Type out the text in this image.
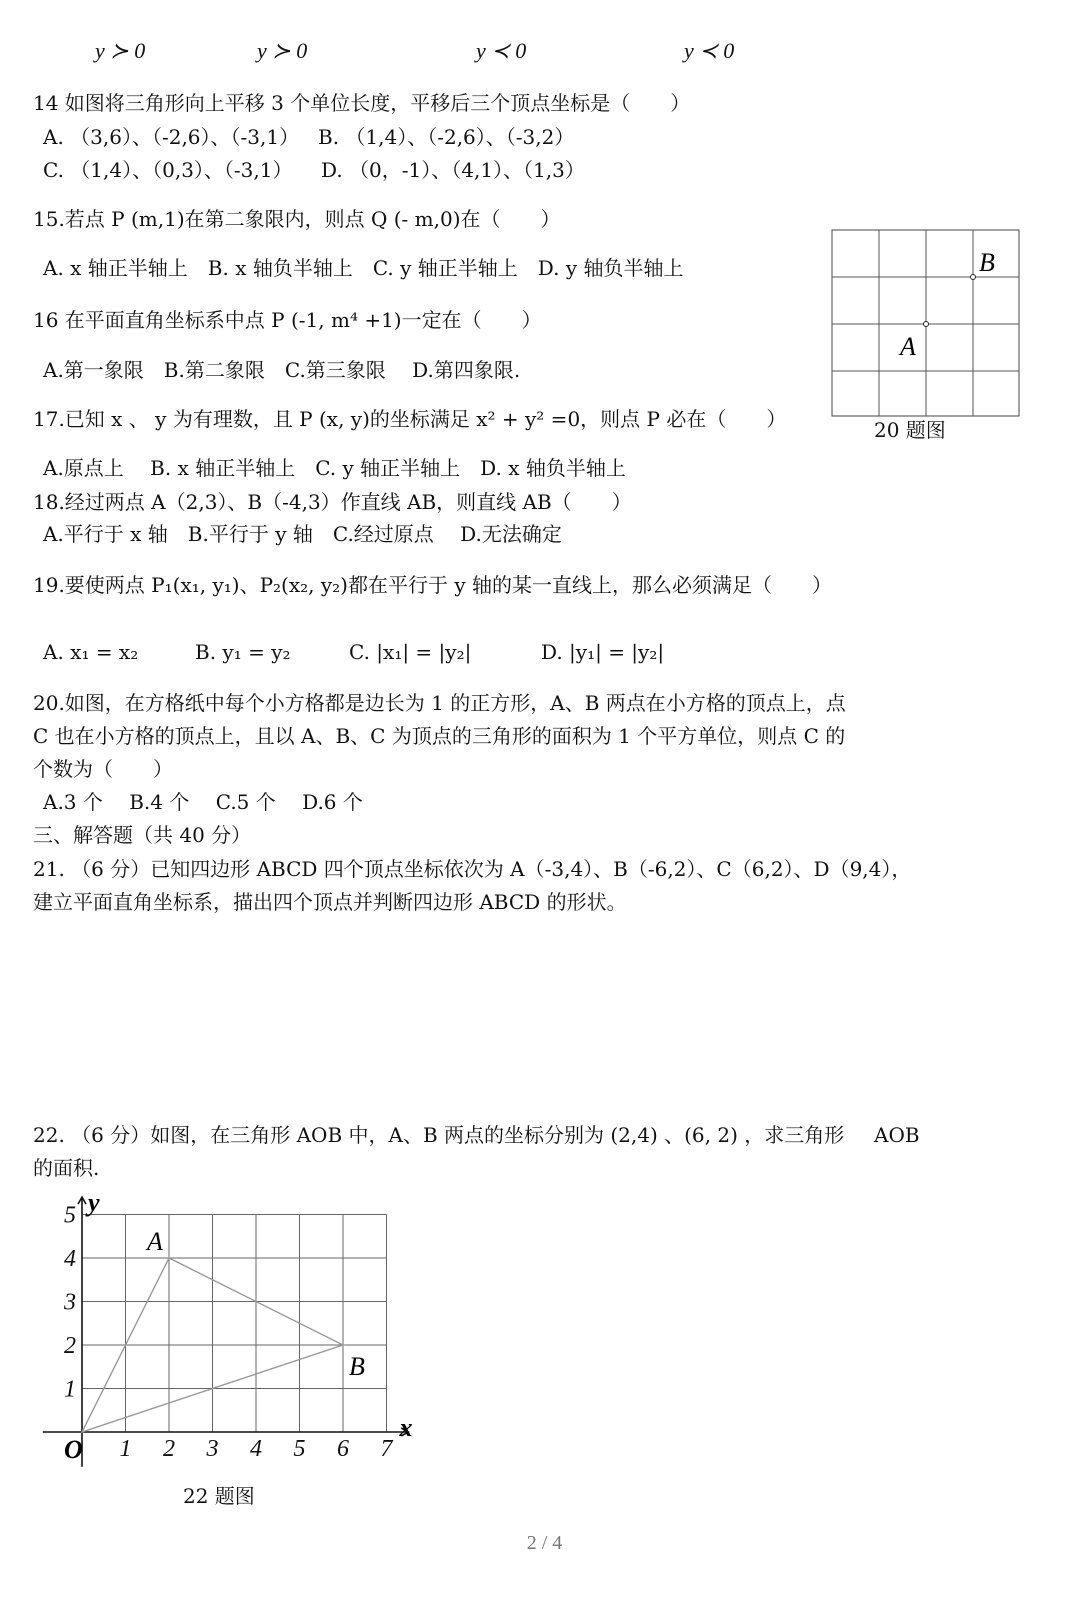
y ≻ 0	y ≻ 0	y ≺ 0	y ≺ 0
14 如图将三角形向上平移 3 个单位长度，平移后三个顶点坐标是（　　）
A. （3,6）、（-2,6）、（-3,1） B. （1,4）、（-2,6）、（-3,2）
C. （1,4）、（0,3）、（-3,1） D. （0，-1）、（4,1）、（1,3）
15.若点 P (m,1)在第二象限内，则点 Q (- m,0)在（　　）
A. x 轴正半轴上　B. x 轴负半轴上　C. y 轴正半轴上　D. y 轴负半轴上
16 在平面直角坐标系中点 P (-1, m⁴ +1)一定在（　　）
A.第一象限　B.第二象限　C.第三象限　 D.第四象限.
17.已知 x 、 y 为有理数，且 P (x, y)的坐标满足 x² + y² =0，则点 P 必在（　　）
A.原点上　 B. x 轴正半轴上　C. y 轴正半轴上　D. x 轴负半轴上
18.经过两点 A（2,3）、B（-4,3）作直线 AB，则直线 AB（　　）
A.平行于 x 轴　B.平行于 y 轴　C.经过原点　 D.无法确定
19.要使两点 P₁(x₁, y₁)、P₂(x₂, y₂)都在平行于 y 轴的某一直线上，那么必须满足（　　）
A. x₁ = x₂	B. y₁ = y₂	C. |x₁| = |y₂|	D. |y₁| = |y₂|
20.如图，在方格纸中每个小方格都是边长为 1 的正方形，A、B 两点在小方格的顶点上，点
C 也在小方格的顶点上，且以 A、B、C 为顶点的三角形的面积为 1 个平方单位，则点 C 的
个数为（　　）
A.3 个　 B.4 个　 C.5 个　 D.6 个
三、解答题（共 40 分）
21. （6 分）已知四边形 ABCD 四个顶点坐标依次为 A（-3,4）、B（-6,2）、C（6,2）、D（9,4），
建立平面直角坐标系，描出四个顶点并判断四边形 ABCD 的形状。
22. （6 分）如图，在三角形 AOB 中，A、B 两点的坐标分别为 (2,4) 、(6, 2) ，求三角形 AOB
的面积.
B
A
20 题图
1 2 3 4 5 6 7
1
2
3
4
5
x
y
O
A
B
22 题图
2 / 4
